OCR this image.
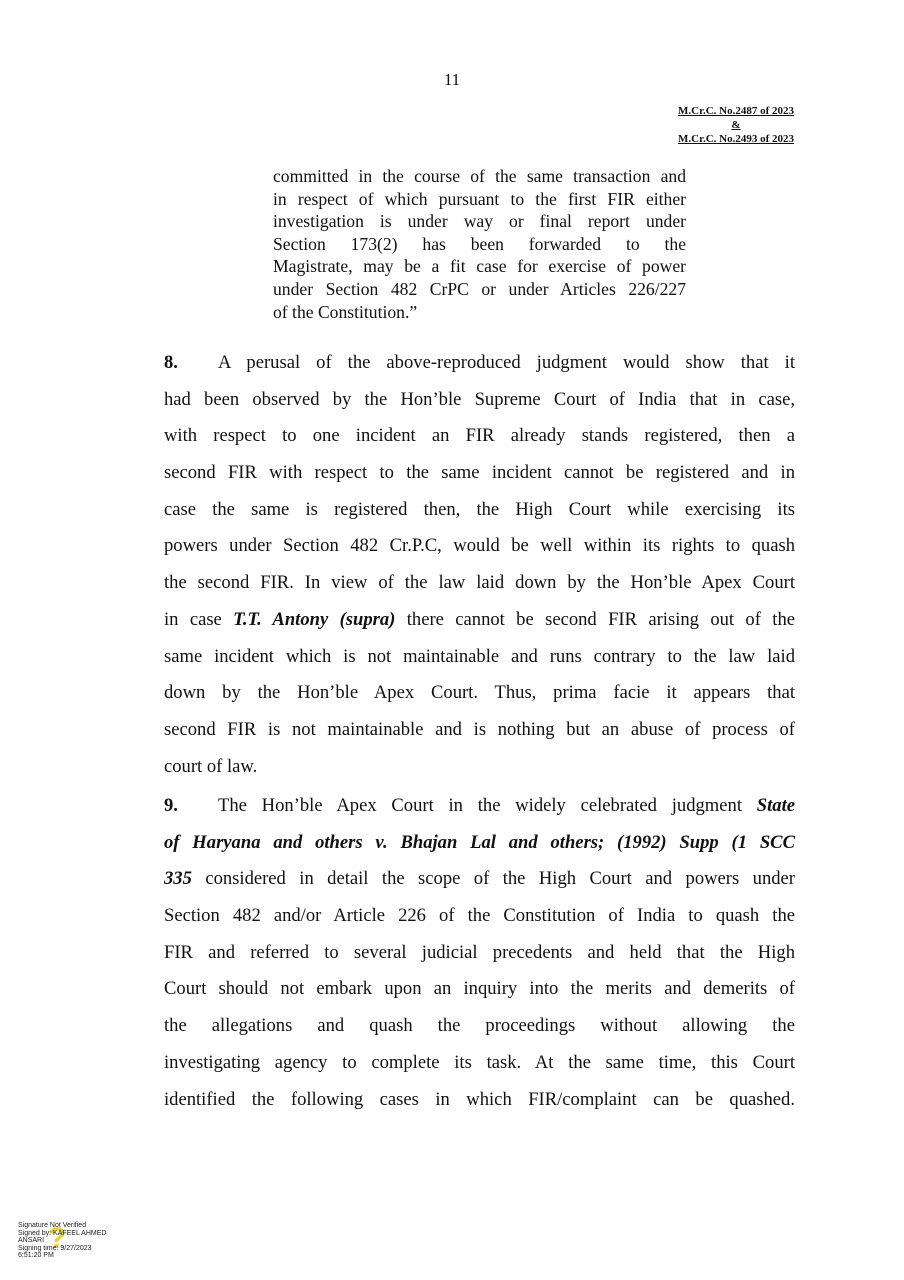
11
M.Cr.C. No.2487 of 2023
&
M.Cr.C. No.2493 of 2023
committed in the course of the same transaction and
in respect of which pursuant to the first FIR either
investigation is under way or final report under
Section 173(2) has been forwarded to the
Magistrate, may be a fit case for exercise of power
under Section 482 CrPC or under Articles 226/227
of the Constitution.”
8. A perusal of the above-reproduced judgment would show that it
had been observed by the Hon’ble Supreme Court of India that in case,
with respect to one incident an FIR already stands registered, then a
second FIR with respect to the same incident cannot be registered and in
case the same is registered then, the High Court while exercising its
powers under Section 482 Cr.P.C, would be well within its rights to quash
the second FIR. In view of the law laid down by the Hon’ble Apex Court
in case T.T. Antony (supra) there cannot be second FIR arising out of the
same incident which is not maintainable and runs contrary to the law laid
down by the Hon’ble Apex Court. Thus, prima facie it appears that
second FIR is not maintainable and is nothing but an abuse of process of
court of law.
9. The Hon’ble Apex Court in the widely celebrated judgment State
of Haryana and others v. Bhajan Lal and others; (1992) Supp (1 SCC
335 considered in detail the scope of the High Court and powers under
Section 482 and/or Article 226 of the Constitution of India to quash the
FIR and referred to several judicial precedents and held that the High
Court should not embark upon an inquiry into the merits and demerits of
the allegations and quash the proceedings without allowing the
investigating agency to complete its task. At the same time, this Court
identified the following cases in which FIR/complaint can be quashed.
?
Signature Not Verified
Signed by: KAFEEL AHMED
ANSARI
Signing time: 9/27/2023
6:51:20 PM
